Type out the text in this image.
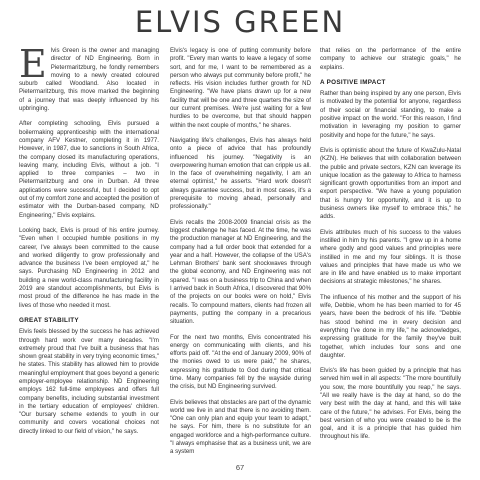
ELVIS GREEN

Elvis Green is the owner and managing director of ND Engineering. Born in Pietermaritzburg, he fondly remembers moving to a newly created coloured suburb called Woodland. Also located in Pietermaritzburg, this move marked the beginning of a journey that was deeply influenced by his upbringing.

After completing schooling, Elvis pursued a boilermaking apprenticeship with the international company AFV Kestner, completing it in 1977. However, in 1987, due to sanctions in South Africa, the company closed its manufacturing operations, leaving many, including Elvis, without a job. "I applied to three companies – two in Pietermaritzburg and one in Durban. All three applications were successful, but I decided to opt out of my comfort zone and accepted the position of estimator with the Durban-based company, ND Engineering," Elvis explains.

Looking back, Elvis is proud of his entire journey. "Even when I occupied humble positions in my career, I've always been committed to the cause and worked diligently to grow professionally and advance the business I've been employed at," he says. Purchasing ND Engineering in 2012 and building a new world-class manufacturing facility in 2019 are standout accomplishments, but Elvis is most proud of the difference he has made in the lives of those who needed it most.

GREAT STABILITY

Elvis feels blessed by the success he has achieved through hard work over many decades. "I'm extremely proud that I've built a business that has shown great stability in very trying economic times," he states. This stability has allowed him to provide meaningful employment that goes beyond a generic employer-employee relationship. ND Engineering employs 162 full-time employees and offers full company benefits, including substantial investment in the tertiary education of employees' children. "Our bursary scheme extends to youth in our community and covers vocational choices not directly linked to our field of vision," he says.

Elvis's legacy is one of putting community before profit. "Every man wants to leave a legacy of some sort, and for me, I want to be remembered as a person who always put community before profit," he reflects. His vision includes further growth for ND Engineering. "We have plans drawn up for a new facility that will be one and three quarters the size of our current premises. We're just waiting for a few hurdles to be overcome, but that should happen within the next couple of months," he shares.

Navigating life's challenges, Elvis has always held onto a piece of advice that has profoundly influenced his journey. "Negativity is an overpowering human emotion that can cripple us all. In the face of overwhelming negativity, I am an eternal optimist," he asserts. "Hard work doesn't always guarantee success, but in most cases, it's a prerequisite to moving ahead, personally and professionally."

Elvis recalls the 2008-2009 financial crisis as the biggest challenge he has faced. At the time, he was the production manager at ND Engineering, and the company had a full order book that extended for a year and a half. However, the collapse of the USA's Lehman Brothers' bank sent shockwaves through the global economy, and ND Engineering was not spared. "I was on a business trip to China and when I arrived back in South Africa, I discovered that 90% of the projects on our books were on hold," Elvis recalls. To compound matters, clients had frozen all payments, putting the company in a precarious situation.

For the next two months, Elvis concentrated his energy on communicating with clients, and his efforts paid off. "At the end of January 2009, 90% of the monies owed to us were paid," he shares, expressing his gratitude to God during that critical time. Many companies fell by the wayside during the crisis, but ND Engineering survived.

Elvis believes that obstacles are part of the dynamic world we live in and that there is no avoiding them. "One can only plan and equip your team to adapt," he says. For him, there is no substitute for an engaged workforce and a high-performance culture. "I always emphasise that as a business unit, we are a system

that relies on the performance of the entire company to achieve our strategic goals," he explains.

A POSITIVE IMPACT

Rather than being inspired by any one person, Elvis is motivated by the potential for anyone, regardless of their social or financial standing, to make a positive impact on the world. "For this reason, I find motivation in leveraging my position to garner positivity and hope for the future," he says.

Elvis is optimistic about the future of KwaZulu-Natal (KZN). He believes that with collaboration between the public and private sectors, KZN can leverage its unique location as the gateway to Africa to harness significant growth opportunities from an import and export perspective. "We have a young population that is hungry for opportunity, and it is up to business owners like myself to embrace this," he adds.

Elvis attributes much of his success to the values instilled in him by his parents. "I grew up in a home where godly and good values and principles were instilled in me and my four siblings. It is those values and principles that have made us who we are in life and have enabled us to make important decisions at strategic milestones," he shares.

The influence of his mother and the support of his wife, Debbie, whom he has been married to for 45 years, have been the bedrock of his life. "Debbie has stood behind me in every decision and everything I've done in my life," he acknowledges, expressing gratitude for the family they've built together, which includes four sons and one daughter.

Elvis's life has been guided by a principle that has served him well in all aspects: "The more bountifully you sow, the more bountifully you reap," he says. "All we really have is the day at hand, so do the very best with the day at hand, and this will take care of the future," he advises. For Elvis, being the best version of who you were created to be is the goal, and it is a principle that has guided him throughout his life.

67
